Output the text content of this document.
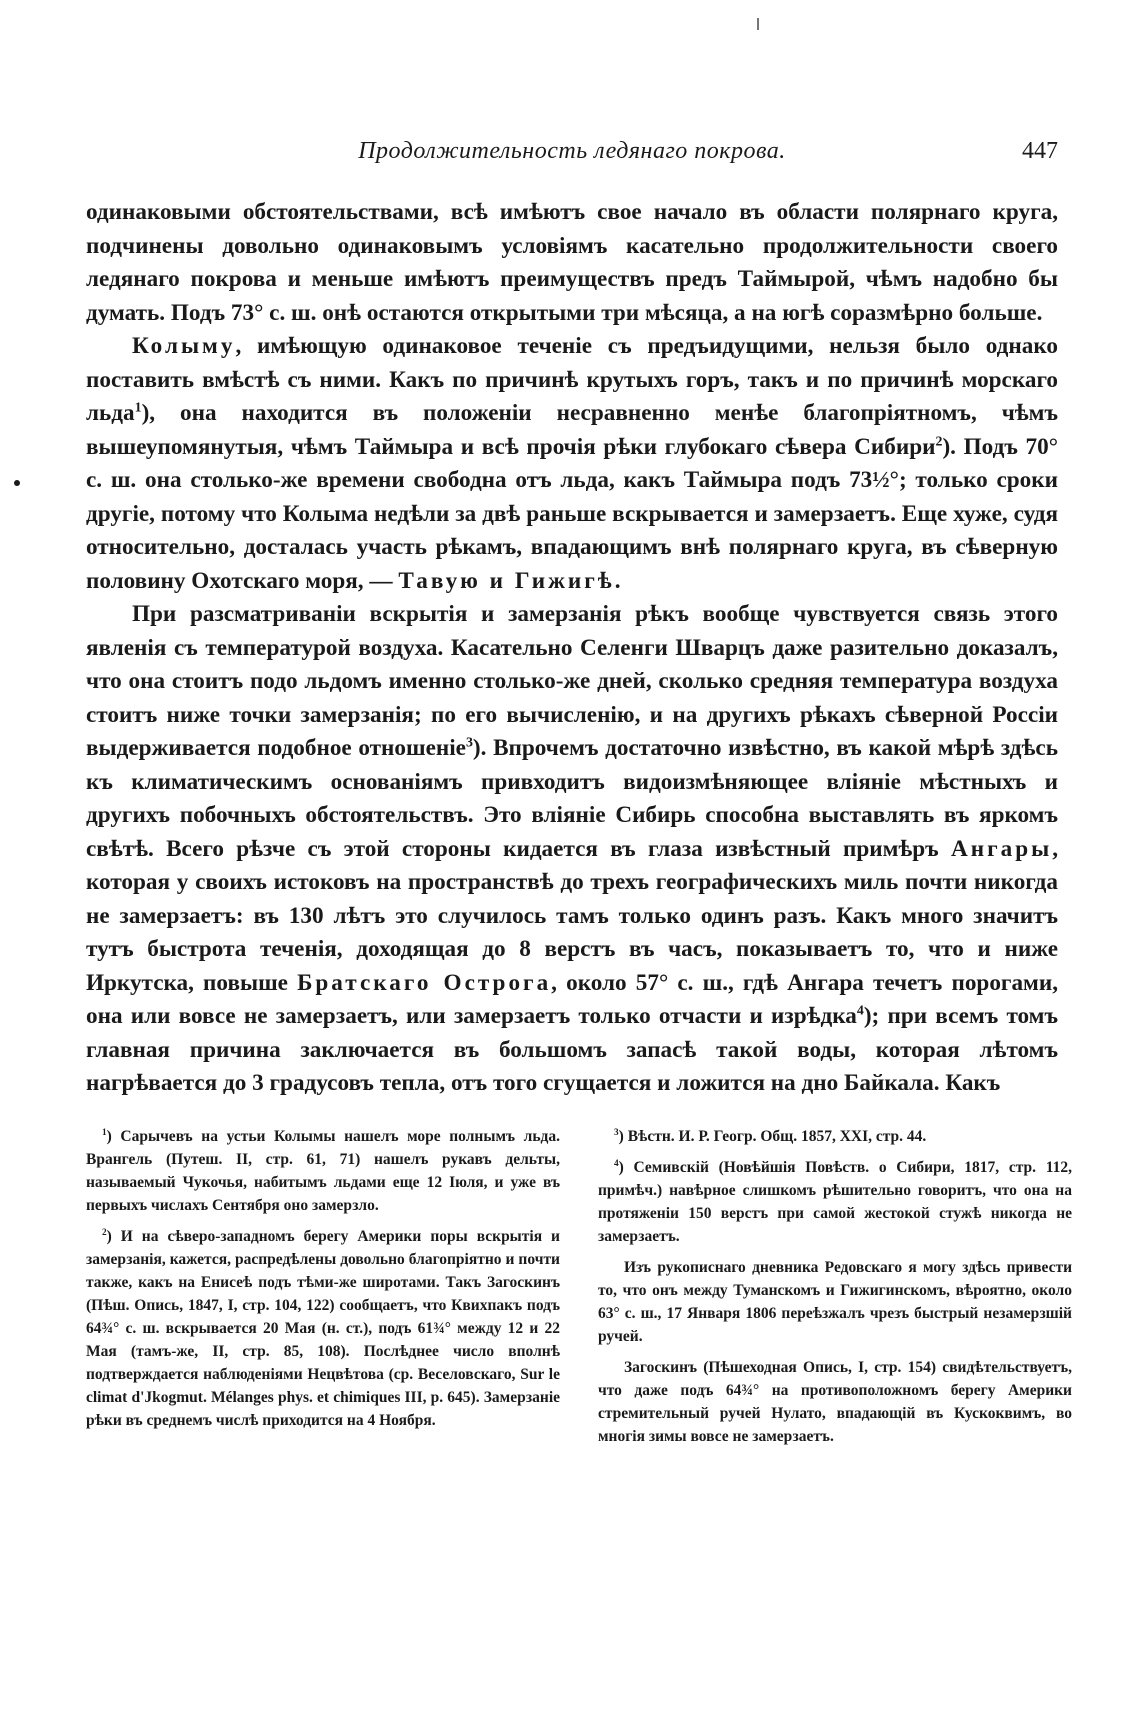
Продолжительность ледянаго покрова.	447

одинаковыми обстоятельствами, всѣ имѣютъ свое начало въ области полярнаго круга, подчинены довольно одинаковымъ условіямъ касательно продолжительности своего ледянаго покрова и меньше имѣютъ преимуществъ предъ Таймырой, чѣмъ надобно бы думать. Подъ 73° с. ш. онѣ остаются открытыми три мѣсяца, а на югѣ соразмѣрно больше.

Колыму, имѣющую одинаковое теченіе съ предъидущими, нельзя было однако поставить вмѣстѣ съ ними. Какъ по причинѣ крутыхъ горъ, такъ и по причинѣ морскаго льда$^1$), она находится въ положеніи несравненно менѣе благопріятномъ, чѣмъ вышеупомянутыя, чѣмъ Таймыра и всѣ прочія рѣки глубокаго сѣвера Сибири$^2$). Подъ 70° с. ш. она столько-же времени свободна отъ льда, какъ Таймыра подъ 73½°; только сроки другіе, потому что Колыма недѣли за двѣ раньше вскрывается и замерзаетъ. Еще хуже, судя относительно, досталась участь рѣкамъ, впадающимъ внѣ полярнаго круга, въ сѣверную половину Охотскаго моря, — Тавую и Гижигѣ.

При разсматриваніи вскрытія и замерзанія рѣкъ вообще чувствуется связь этого явленія съ температурой воздуха. Касательно Селенги Шварцъ даже разительно доказалъ, что она стоитъ подо льдомъ именно столько-же дней, сколько средняя температура воздуха стоитъ ниже точки замерзанія; по его вычисленію, и на другихъ рѣкахъ сѣверной Россіи выдерживается подобное отношеніе$^3$). Впрочемъ достаточно извѣстно, въ какой мѣрѣ здѣсь къ климатическимъ основаніямъ привходитъ видоизмѣняющее вліяніе мѣстныхъ и другихъ побочныхъ обстоятельствъ. Это вліяніе Сибирь способна выставлять въ яркомъ свѣтѣ. Всего рѣзче съ этой стороны кидается въ глаза извѣстный примѣръ Ангары, которая у своихъ истоковъ на пространствѣ до трехъ географическихъ миль почти никогда не замерзаетъ: въ 130 лѣтъ это случилось тамъ только одинъ разъ. Какъ много значитъ тутъ быстрота теченія, доходящая до 8 верстъ въ часъ, показываетъ то, что и ниже Иркутска, повыше Братскаго Острога, около 57° с. ш., гдѣ Ангара течетъ порогами, она или вовсе не замерзаетъ, или замерзаетъ только отчасти и изрѣдка$^4$); при всемъ томъ главная причина заключается въ большомъ запасѣ такой воды, которая лѣтомъ нагрѣвается до 3 градусовъ тепла, отъ того сгущается и ложится на дно Байкала. Какъ

$^1$) Сарычевъ на устьи Колымы нашелъ море полнымъ льда. Врангель (Путеш. II, стр. 61, 71) нашелъ рукавъ дельты, называемый Чукочья, набитымъ льдами еще 12 Іюля, и уже въ первыхъ числахъ Сентября оно замерзло.

$^2$) И на сѣверо-западномъ берегу Америки поры вскрытія и замерзанія, кажется, распредѣлены довольно благопріятно и почти также, какъ на Енисеѣ подъ тѣми-же широтами. Такъ Загоскинъ (Пѣш. Опись, 1847, I, стр. 104, 122) сообщаетъ, что Квихпакъ подъ 64¾° с. ш. вскрывается 20 Мая (н. ст.), подъ 61¾° между 12 и 22 Мая (тамъ-же, II, стр. 85, 108). Послѣднее число вполнѣ подтверждается наблюденіями Нецвѣтова (ср. Веселовскаго, Sur le climat d'Jkogmut. Mélanges phys. et chimiques III, p. 645). Замерзаніе рѣки въ среднемъ числѣ приходится на 4 Ноября.

$^3$) Вѣстн. И. Р. Геогр. Общ. 1857, XXI, стр. 44.

$^4$) Семивскій (Новѣйшія Повѣств. о Сибири, 1817, стр. 112, примѣч.) навѣрное слишкомъ рѣшительно говоритъ, что она на протяженіи 150 верстъ при самой жестокой стужѣ никогда не замерзаетъ.

Изъ рукописнаго дневника Редовскаго я могу здѣсь привести то, что онъ между Туманскомъ и Гижигинскомъ, вѣроятно, около 63° с. ш., 17 Января 1806 переѣзжалъ чрезъ быстрый незамерзшій ручей.

Загоскинъ (Пѣшеходная Опись, I, стр. 154) свидѣтельствуетъ, что даже подъ 64¾° на противоположномъ берегу Америки стремительный ручей Нулато, впадающій въ Кускоквимъ, во многія зимы вовсе не замерзаетъ.
